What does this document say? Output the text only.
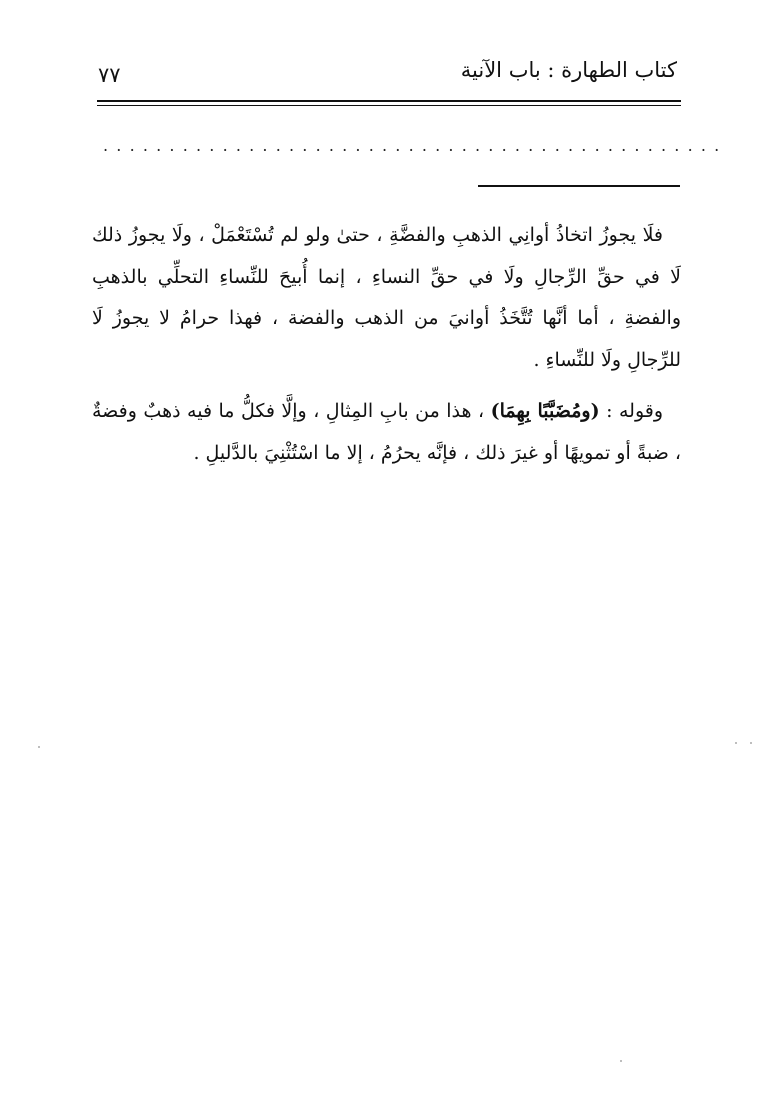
كتاب الطهارة : باب الآنية
٧٧
...............................................

فلَا يجوزُ اتخاذُ أوانِي الذهبِ والفضَّةِ ، حتىٰ ولو لم تُسْتَعْمَلْ ، ولَا يجوزُ ذلك لَا في حقِّ الرِّجالِ ولَا في حقِّ النساءِ ، إنما أُبيحَ للنِّساءِ التحلِّي بالذهبِ والفضةِ ، أما أنَّها تُتَّخَذُ أوانيَ من الذهب والفضة ، فهذا حرامُ لا يجوزُ لَا للرِّجالِ ولَا للنِّساءِ .

وقوله : (ومُضَبَّبًا بِهِمَا) ، هذا من بابِ المِثالِ ، وإلَّا فكلُّ ما فيه ذهبٌ وفضةٌ ، ضبةً أو تمويهًا أو غيرَ ذلك ، فإنَّه يحرُمُ ، إلا ما اسْتُثْنِيَ بالدَّليلِ .
